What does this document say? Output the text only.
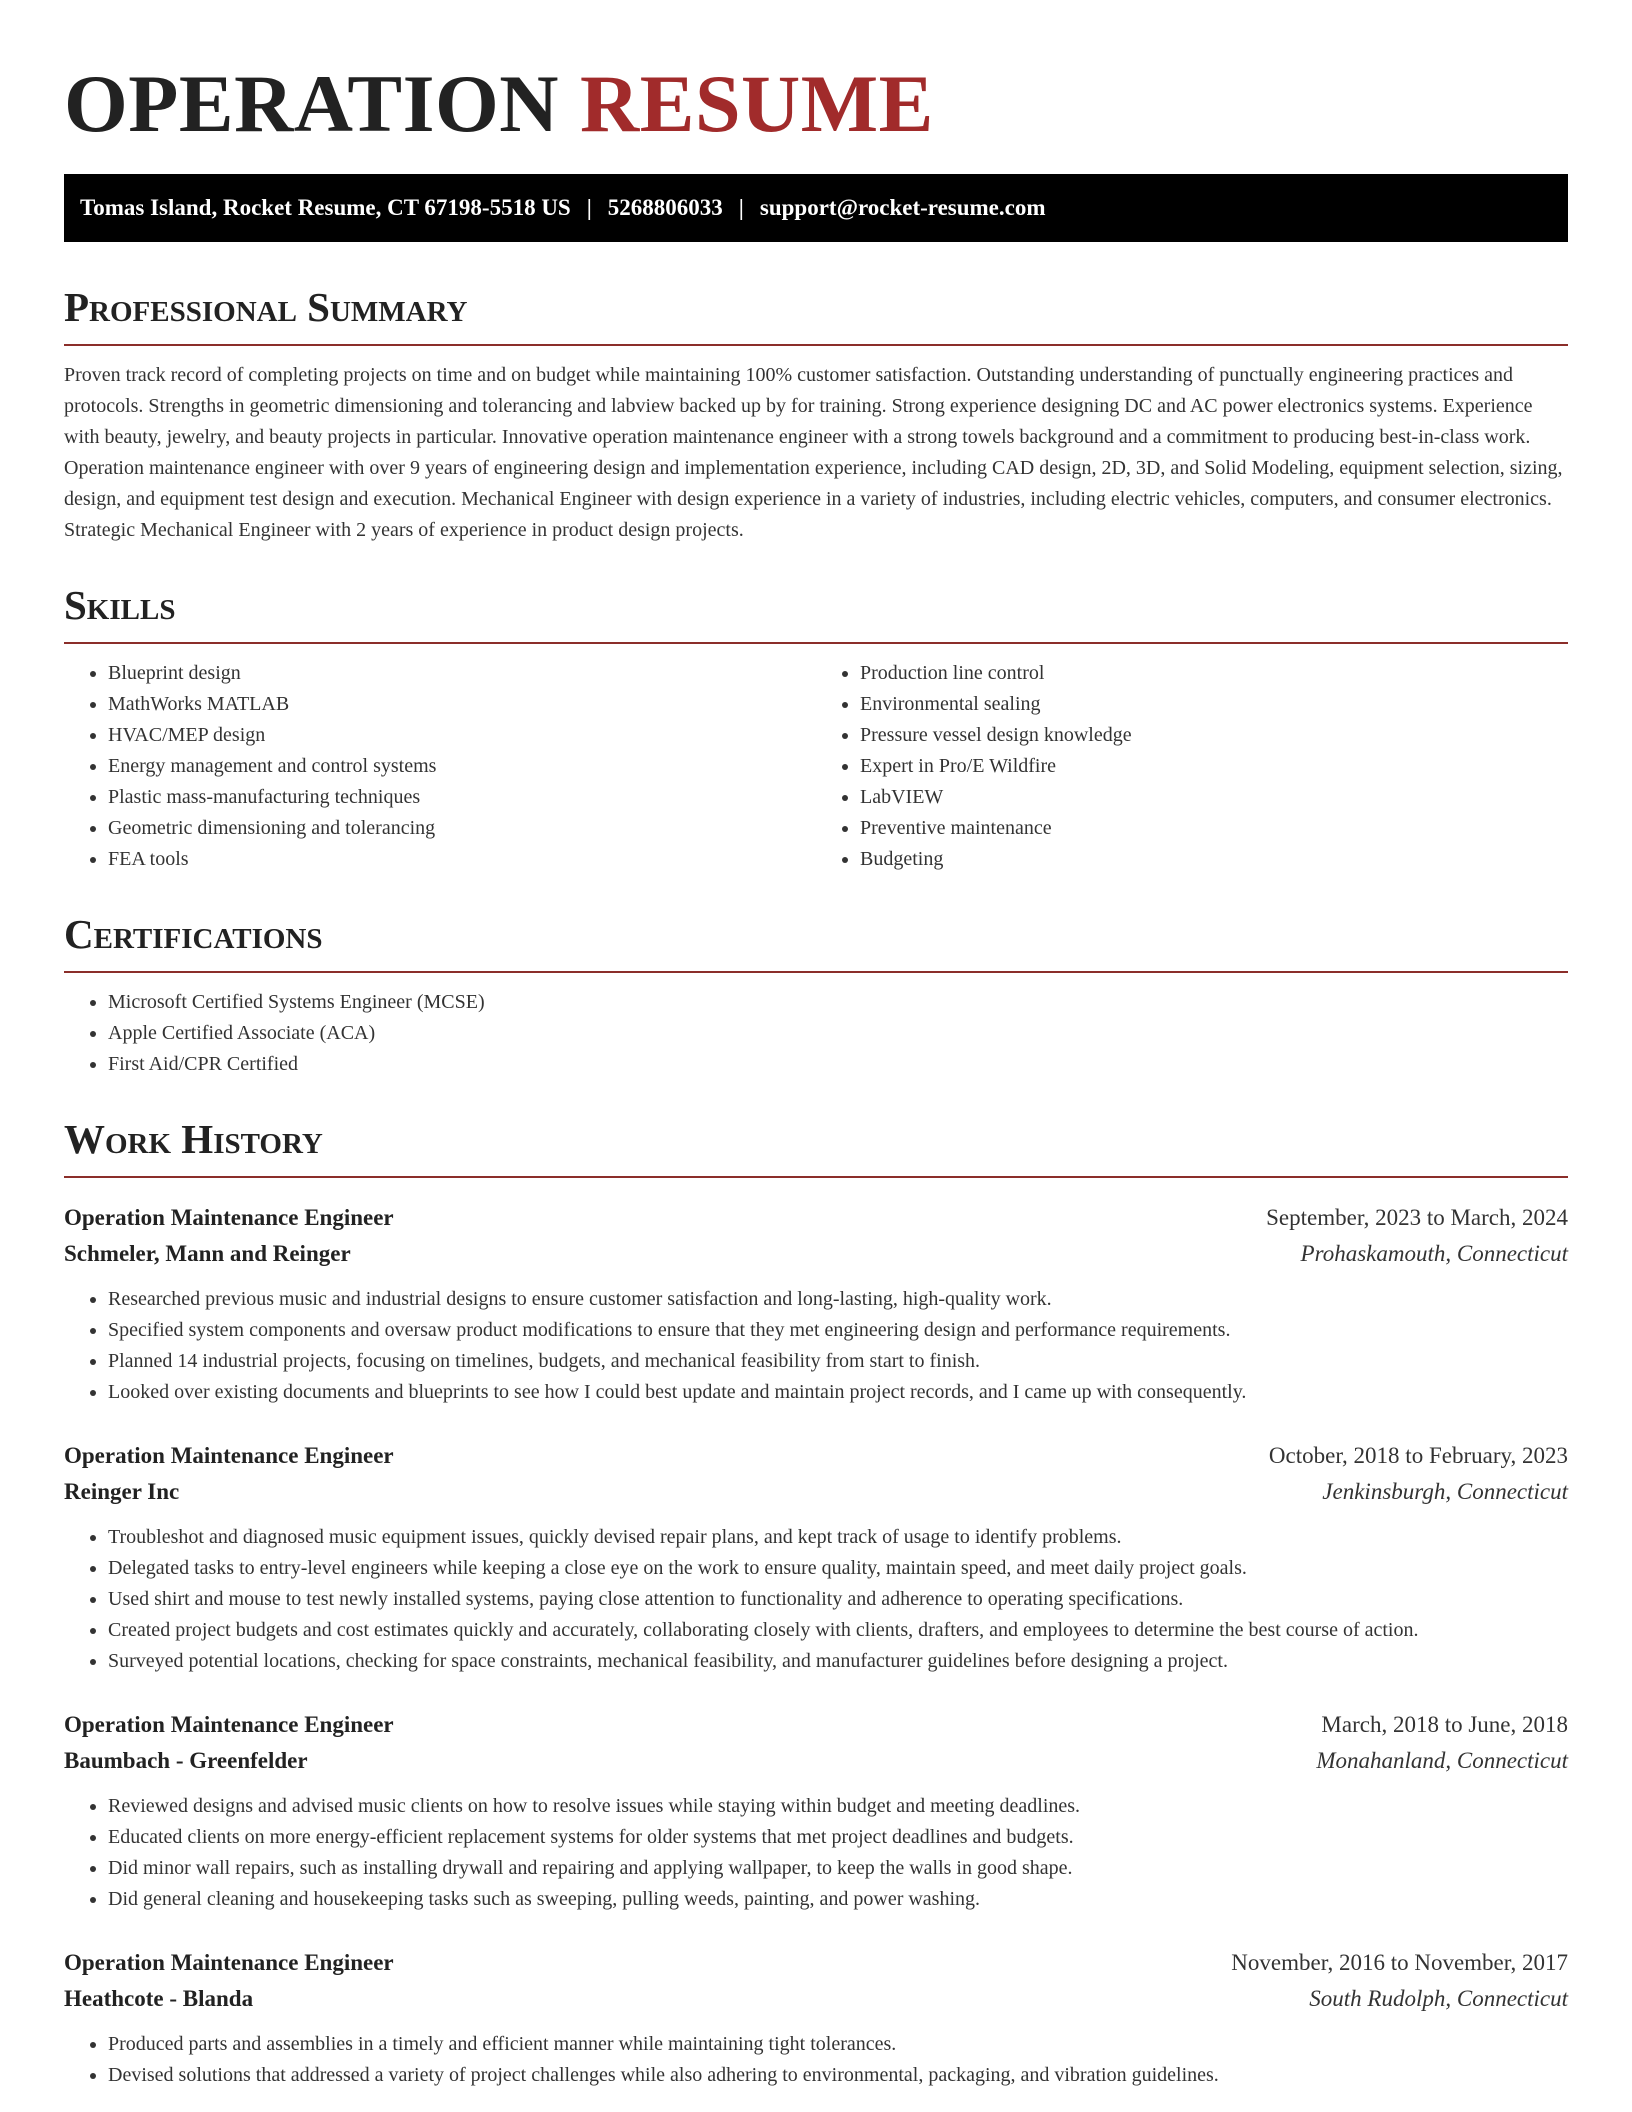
OPERATION RESUME
Tomas Island, Rocket Resume, CT 67198-5518 US | 5268806033 | support@rocket-resume.com
Professional Summary

Proven track record of completing projects on time and on budget while maintaining 100% customer satisfaction. Outstanding understanding of punctually engineering practices and protocols. Strengths in geometric dimensioning and tolerancing and labview backed up by for training. Strong experience designing DC and AC power electronics systems. Experience with beauty, jewelry, and beauty projects in particular. Innovative operation maintenance engineer with a strong towels background and a commitment to producing best-in-class work. Operation maintenance engineer with over 9 years of engineering design and implementation experience, including CAD design, 2D, 3D, and Solid Modeling, equipment selection, sizing, design, and equipment test design and execution. Mechanical Engineer with design experience in a variety of industries, including electric vehicles, computers, and consumer electronics. Strategic Mechanical Engineer with 2 years of experience in product design projects.

Skills
• Blueprint design
• MathWorks MATLAB
• HVAC/MEP design
• Energy management and control systems
• Plastic mass-manufacturing techniques
• Geometric dimensioning and tolerancing
• FEA tools
• Production line control
• Environmental sealing
• Pressure vessel design knowledge
• Expert in Pro/E Wildfire
• LabVIEW
• Preventive maintenance
• Budgeting
Certifications
• Microsoft Certified Systems Engineer (MCSE)
• Apple Certified Associate (ACA)
• First Aid/CPR Certified
Work History
Operation Maintenance Engineer	September, 2023 to March, 2024
Schmeler, Mann and Reinger	Prohaskamouth, Connecticut
• Researched previous music and industrial designs to ensure customer satisfaction and long-lasting, high-quality work.
• Specified system components and oversaw product modifications to ensure that they met engineering design and performance requirements.
• Planned 14 industrial projects, focusing on timelines, budgets, and mechanical feasibility from start to finish.
• Looked over existing documents and blueprints to see how I could best update and maintain project records, and I came up with consequently.
Operation Maintenance Engineer	October, 2018 to February, 2023
Reinger Inc	Jenkinsburgh, Connecticut
• Troubleshot and diagnosed music equipment issues, quickly devised repair plans, and kept track of usage to identify problems.
• Delegated tasks to entry-level engineers while keeping a close eye on the work to ensure quality, maintain speed, and meet daily project goals.
• Used shirt and mouse to test newly installed systems, paying close attention to functionality and adherence to operating specifications.
• Created project budgets and cost estimates quickly and accurately, collaborating closely with clients, drafters, and employees to determine the best course of action.
• Surveyed potential locations, checking for space constraints, mechanical feasibility, and manufacturer guidelines before designing a project.
Operation Maintenance Engineer	March, 2018 to June, 2018
Baumbach - Greenfelder	Monahanland, Connecticut
• Reviewed designs and advised music clients on how to resolve issues while staying within budget and meeting deadlines.
• Educated clients on more energy-efficient replacement systems for older systems that met project deadlines and budgets.
• Did minor wall repairs, such as installing drywall and repairing and applying wallpaper, to keep the walls in good shape.
• Did general cleaning and housekeeping tasks such as sweeping, pulling weeds, painting, and power washing.
Operation Maintenance Engineer	November, 2016 to November, 2017
Heathcote - Blanda	South Rudolph, Connecticut
• Produced parts and assemblies in a timely and efficient manner while maintaining tight tolerances.
• Devised solutions that addressed a variety of project challenges while also adhering to environmental, packaging, and vibration guidelines.
